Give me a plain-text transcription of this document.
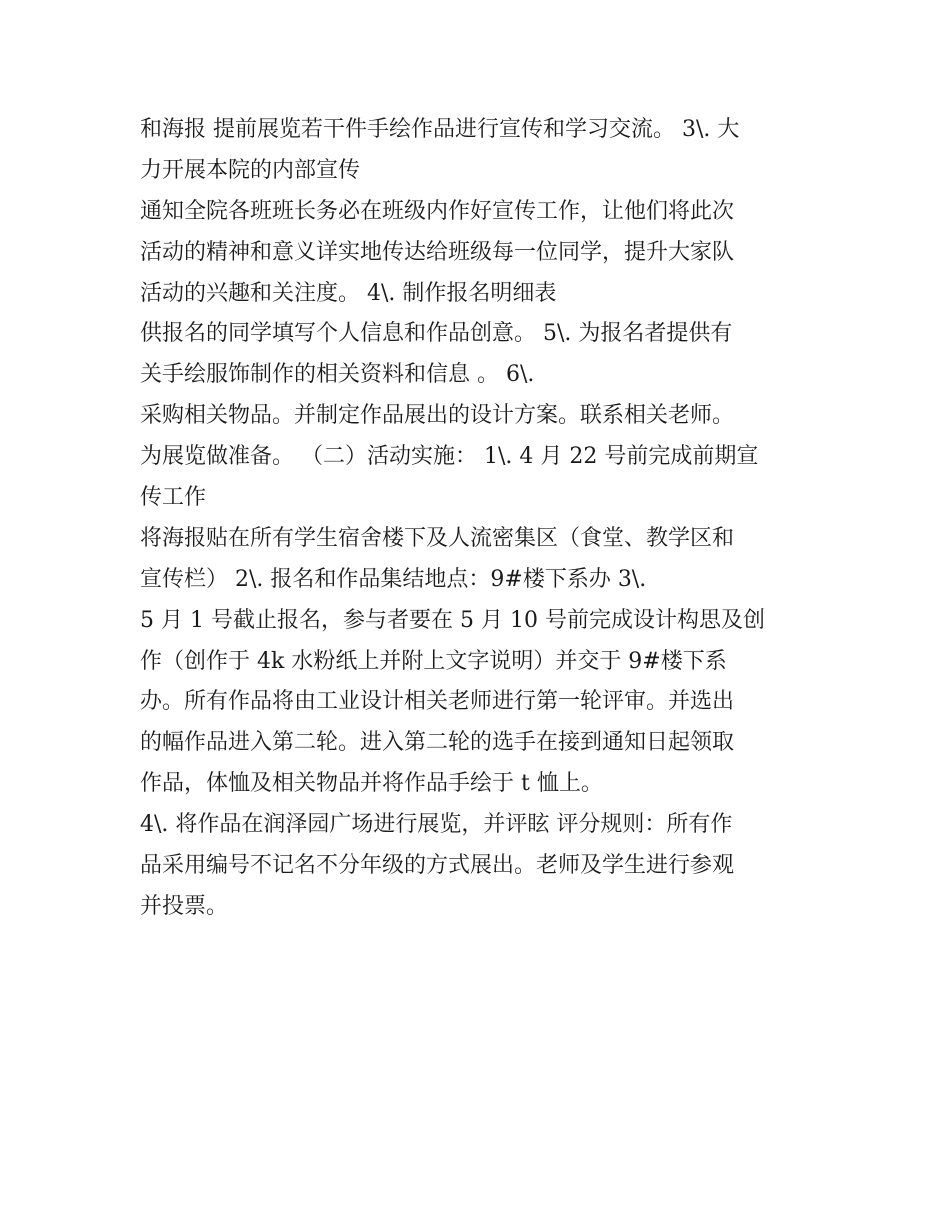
和海报 提前展览若干件手绘作品进行宣传和学习交流。 3\. 大
力开展本院的内部宣传
通知全院各班班长务必在班级内作好宣传工作，让他们将此次
活动的精神和意义详实地传达给班级每一位同学，提升大家队
活动的兴趣和关注度。 4\. 制作报名明细表
供报名的同学填写个人信息和作品创意。 5\. 为报名者提供有
关手绘服饰制作的相关资料和信息 。 6\.
采购相关物品。并制定作品展出的设计方案。联系相关老师。
为展览做准备。 （二）活动实施： 1\. 4 月 22 号前完成前期宣
传工作
将海报贴在所有学生宿舍楼下及人流密集区（食堂、教学区和
宣传栏） 2\. 报名和作品集结地点：9#楼下系办 3\.
5 月 1 号截止报名，参与者要在 5 月 10 号前完成设计构思及创
作（创作于 4k 水粉纸上并附上文字说明）并交于 9#楼下系
办。所有作品将由工业设计相关老师进行第一轮评审。并选出
的幅作品进入第二轮。进入第二轮的选手在接到通知日起领取
作品，体恤及相关物品并将作品手绘于 t 恤上。
4\. 将作品在润泽园广场进行展览，并评眩 评分规则：所有作
品采用编号不记名不分年级的方式展出。老师及学生进行参观
并投票。
